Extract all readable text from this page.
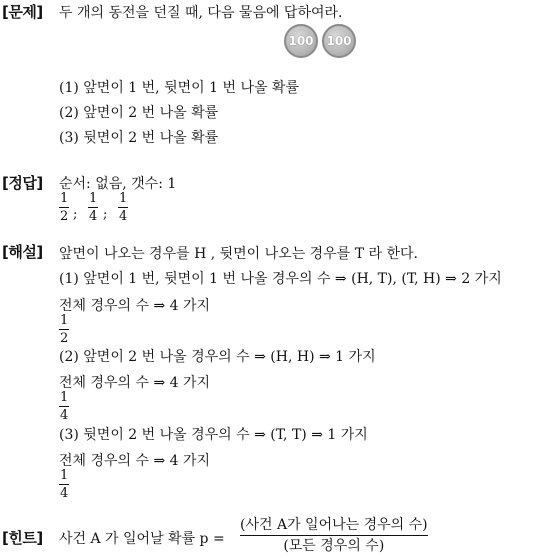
[문제] 두 개의 동전을 던질 때, 다음 물음에 답하여라.
100 100
(1) 앞면이 1 번, 뒷면이 1 번 나올 확률
(2) 앞면이 2 번 나올 확률
(3) 뒷면이 2 번 나올 확률
[정답] 순서: 없음, 갯수: 1
1
2 ;
1
4 ;
1
4
[해설] 앞면이 나오는 경우를 H , 뒷면이 나오는 경우를 T 라 한다.
(1) 앞면이 1 번, 뒷면이 1 번 나올 경우의 수 ⇒ (H, T), (T, H) ⇒ 2 가지
전체 경우의 수 ⇒ 4 가지
1
2
(2) 앞면이 2 번 나올 경우의 수 ⇒ (H, H) ⇒ 1 가지
전체 경우의 수 ⇒ 4 가지
1
4
(3) 뒷면이 2 번 나올 경우의 수 ⇒ (T, T) ⇒ 1 가지
전체 경우의 수 ⇒ 4 가지
1
4
[힌트] 사건 A 가 일어날 확률 p =
(사건 A가 일어나는 경우의 수)
(모든 경우의 수)
